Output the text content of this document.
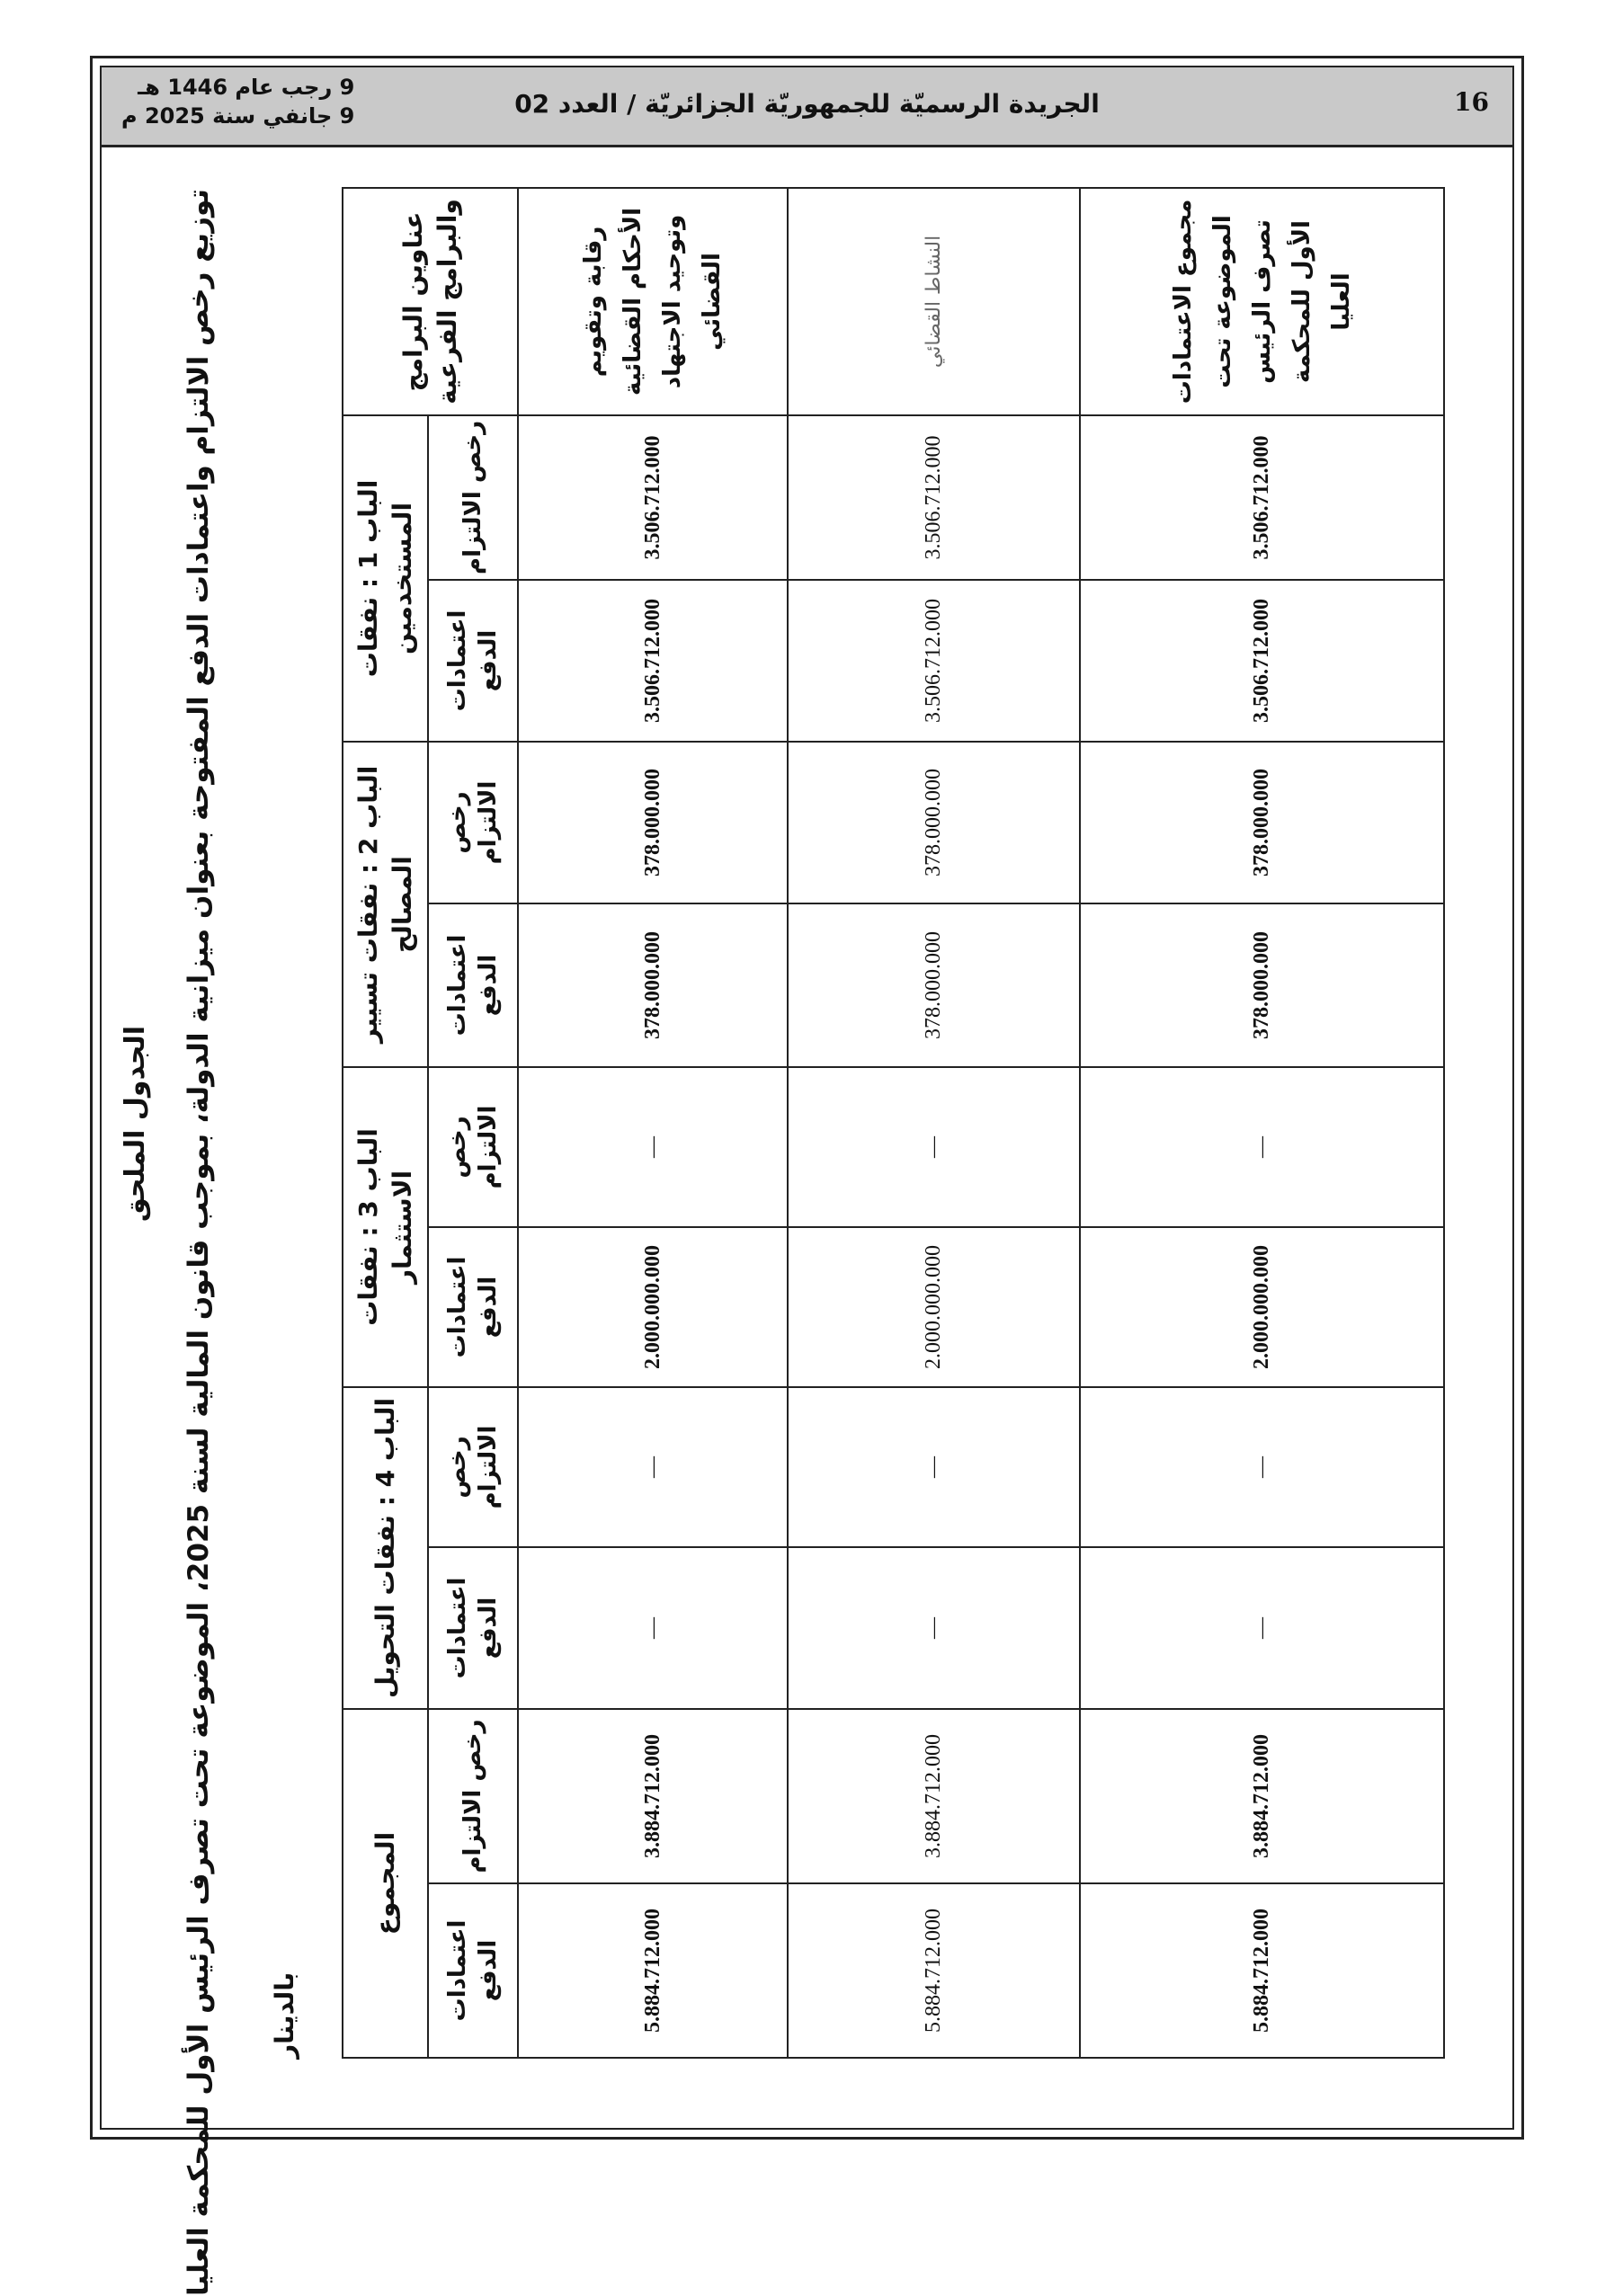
9 رجب عام 1446 هـ
9 جانفي سنة 2025 م	الجريدة الرسميّة للجمهوريّة الجزائريّة / العدد 02	16
الجدول الملحق
توزيع رخص الالتزام واعتمادات الدفع المفتوحة بعنوان ميزانية الدولة، بموجب قانون المالية لسنة 2025، الموضوعة تحت تصرف الرئيس الأول للمحكمة العليا
بالدينار
المجموع		الباب 4 : نفقات التحويل		الباب 3 : نفقات الاستثمار		الباب 2 : نفقات تسيير المصالح		الباب 1 : نفقات المستخدمين		عناوين البرامج والبرامج الفرعية
اعتمادات الدفع	رخص الالتزام	اعتمادات الدفع	رخص الالتزام	اعتمادات الدفع	رخص الالتزام	اعتمادات الدفع	رخص الالتزام	اعتمادات الدفع	رخص الالتزام	
5.884.712.000	3.884.712.000	—	—	2.000.000.000	—	378.000.000	378.000.000	3.506.712.000	3.506.712.000	رقابة وتقويم الأحكام القضائية وتوحيد الاجتهاد القضائي
5.884.712.000	3.884.712.000	—	—	2.000.000.000	—	378.000.000	378.000.000	3.506.712.000	3.506.712.000	النشاط القضائي
5.884.712.000	3.884.712.000	—	—	2.000.000.000	—	378.000.000	378.000.000	3.506.712.000	3.506.712.000	مجموع الاعتمادات الموضوعة تحت تصرف الرئيس الأول للمحكمة العليا
